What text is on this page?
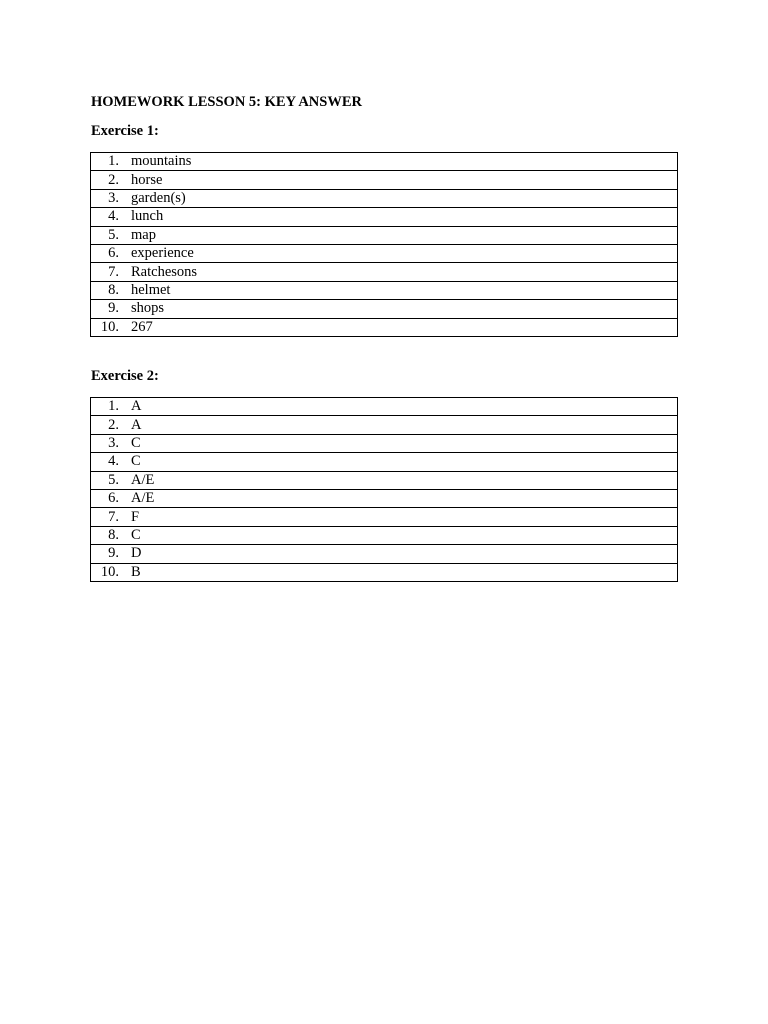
HOMEWORK LESSON 5: KEY ANSWER
Exercise 1:
1. mountains
2. horse
3. garden(s)
4. lunch
5. map
6. experience
7. Ratchesons
8. helmet
9. shops
10. 267
Exercise 2:
1. A
2. A
3. C
4. C
5. A/E
6. A/E
7. F
8. C
9. D
10. B
